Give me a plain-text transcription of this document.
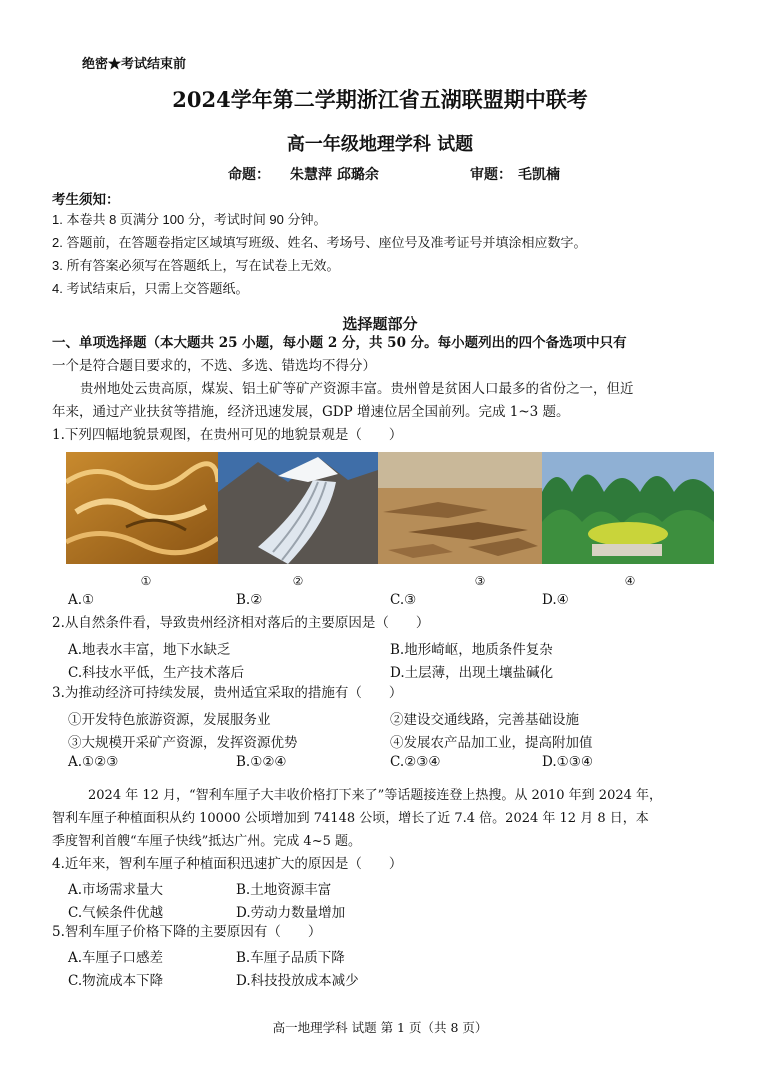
绝密★考试结束前
2024学年第二学期浙江省五湖联盟期中联考
高一年级地理学科 试题
命题： 朱慧萍 邱璐余	审题： 毛凯楠
考生须知：
1. 本卷共 8 页满分 100 分，考试时间 90 分钟。
2. 答题前，在答题卷指定区域填写班级、姓名、考场号、座位号及准考证号并填涂相应数字。
3. 所有答案必须写在答题纸上，写在试卷上无效。
4. 考试结束后，只需上交答题纸。
选择题部分
一、单项选择题（本大题共 25 小题，每小题 2 分，共 50 分。每小题列出的四个备选项中只有
一个是符合题目要求的，不选、多选、错选均不得分）
贵州地处云贵高原，煤炭、铝土矿等矿产资源丰富。贵州曾是贫困人口最多的省份之一，但近
年来，通过产业扶贫等措施，经济迅速发展，GDP 增速位居全国前列。完成 1~3 题。
1.下列四幅地貌景观图，在贵州可见的地貌景观是（　　）
①	②	③	④
A.①	B.②	C.③	D.④
2.从自然条件看，导致贵州经济相对落后的主要原因是（　　）
A.地表水丰富，地下水缺乏	B.地形崎岖，地质条件复杂
C.科技水平低，生产技术落后	D.土层薄，出现土壤盐碱化
3.为推动经济可持续发展，贵州适宜采取的措施有（　　）
①开发特色旅游资源，发展服务业	②建设交通线路，完善基础设施
③大规模开采矿产资源，发挥资源优势	④发展农产品加工业，提高附加值
A.①②③	B.①②④	C.②③④	D.①③④
2024 年 12 月，“智利车厘子大丰收价格打下来了”等话题接连登上热搜。从 2010 年到 2024 年，
智利车厘子种植面积从约 10000 公顷增加到 74148 公顷，增长了近 7.4 倍。2024 年 12 月 8 日，本
季度智利首艘“车厘子快线”抵达广州。完成 4~5 题。
4.近年来，智利车厘子种植面积迅速扩大的原因是（　　）
A.市场需求量大	B.土地资源丰富
C.气候条件优越	D.劳动力数量增加
5.智利车厘子价格下降的主要原因有（　　）
A.车厘子口感差	B.车厘子品质下降
C.物流成本下降	D.科技投放成本减少
高一地理学科 试题 第 1 页（共 8 页）
